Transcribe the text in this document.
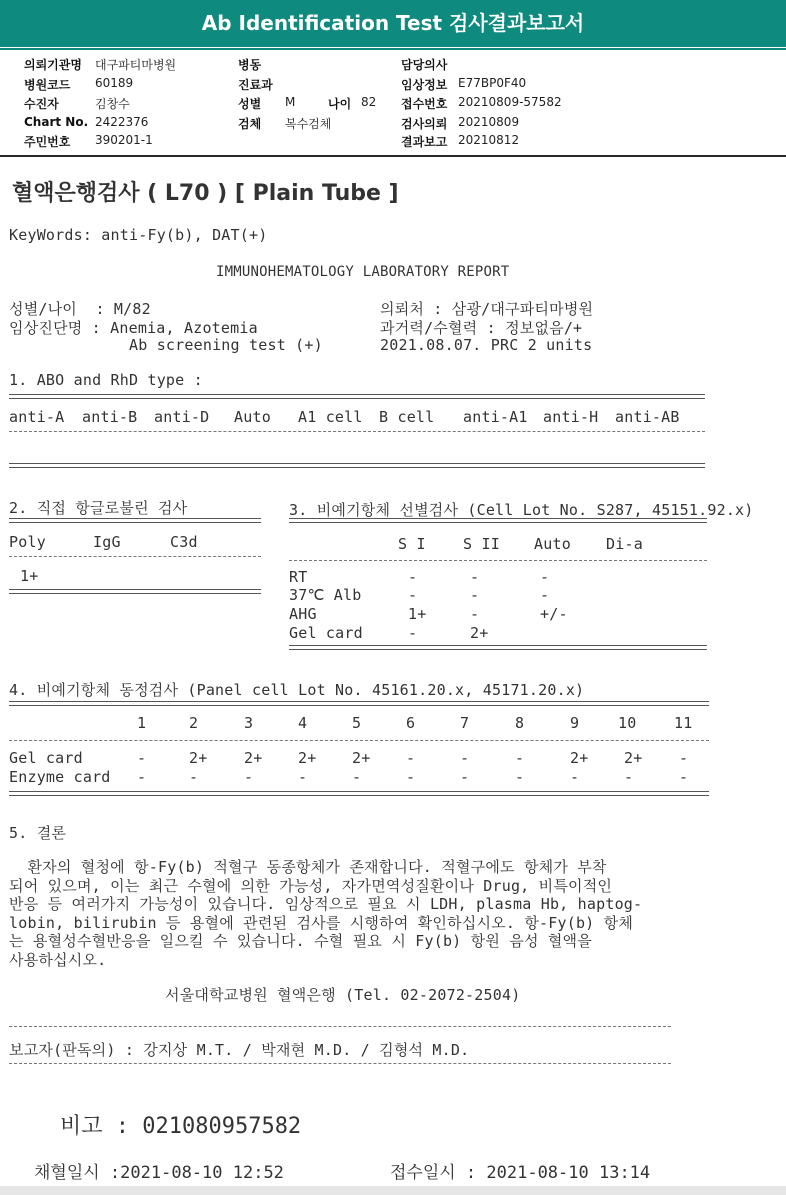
Ab Identification Test 검사결과보고서
의뢰기관명 대구파티마병원
병원코드 60189
수진자	김창수
Chart No. 2422376
주민번호 390201-1
병동
진료과
성별 M
검체 복수검체
나이 82
담당의사
임상정보 E77BP0F40
접수번호 20210809-57582
검사의뢰 20210809
결과보고 20210812
혈액은행검사 ( L70 ) [ Plain Tube ]
KeyWords: anti-Fy(b), DAT(+)
IMMUNOHEMATOLOGY LABORATORY REPORT
성별/나이  : M/82
임상진단명 : Anemia, Azotemia
Ab screening test (+)
의뢰처 : 삼광/대구파티마병원
과거력/수혈력 : 정보없음/+
2021.08.07. PRC 2 units
1. ABO and RhD type :
anti-A anti-B anti-D Auto A1 cell B cell anti-A1 anti-H anti-AB
2. 직접 항글로불린 검사
Poly	IgG	C3d
1+
3. 비예기항체 선별검사 (Cell Lot No. S287, 45151.92.x)
S I S II Auto Di-a
RT	-	-	-
37℃ Alb	-	-	-
AHG	1+	-	+/-
Gel card	-	2+
4. 비예기항체 동정검사 (Panel cell Lot No. 45161.20.x, 45171.20.x)
1	2	3	4	5	6	7	8	9	10	11
Gel card	-	2+ 2+ 2+ 2+ -	-	-	2+ 2+ -
Enzyme card -	-	-	-	-	-	-	-	-	-	-
5. 결론
환자의 혈청에 항-Fy(b) 적혈구 동종항체가 존재합니다. 적혈구에도 항체가 부착
되어 있으며, 이는 최근 수혈에 의한 가능성, 자가면역성질환이나 Drug, 비특이적인
반응 등 여러가지 가능성이 있습니다. 임상적으로 필요 시 LDH, plasma Hb, haptog-
lobin, bilirubin 등 용혈에 관련된 검사를 시행하여 확인하십시오. 항-Fy(b) 항체
는 용혈성수혈반응을 일으킬 수 있습니다. 수혈 필요 시 Fy(b) 항원 음성 혈액을
사용하십시오.
서울대학교병원 혈액은행 (Tel. 02-2072-2504)
보고자(판독의) : 강지상 M.T. / 박재현 M.D. / 김형석 M.D.
비고 : 021080957582
채혈일시 :2021-08-10 12:52	접수일시 : 2021-08-10 13:14
